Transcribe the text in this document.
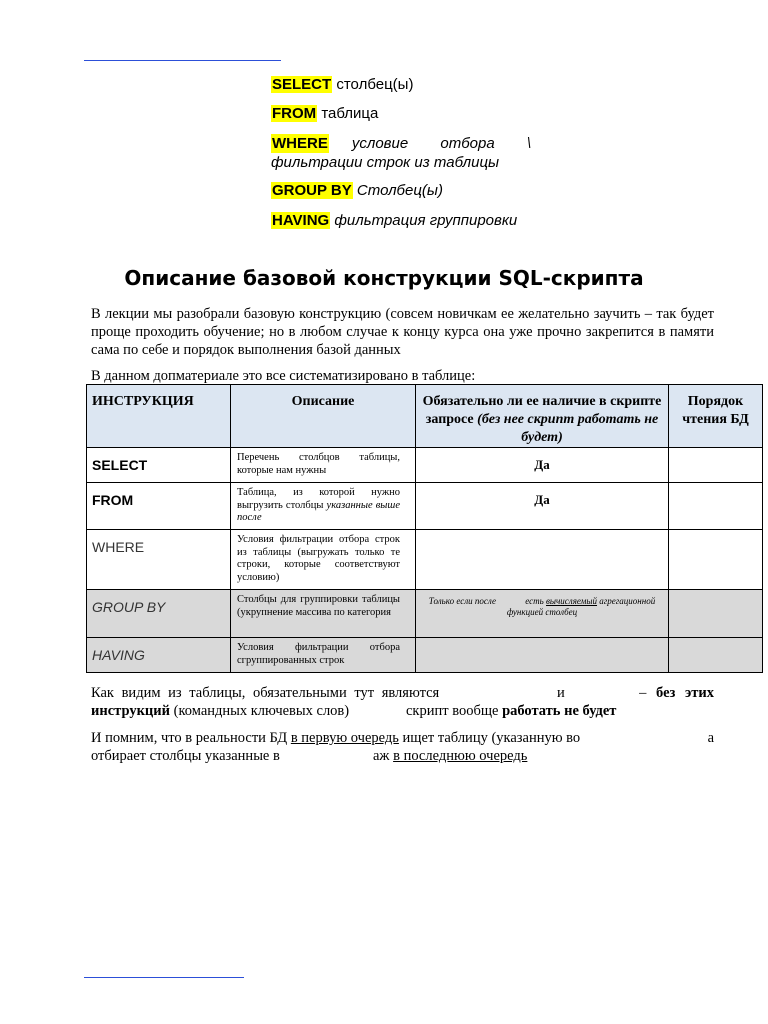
SELECT столбец(ы)
FROM таблица
WHERE	условие отбора \
фильтрации строк из таблицы
GROUP BY Столбец(ы)
HAVING фильтрация группировки
Описание базовой конструкции SQL-скрипта
В лекции мы разобрали базовую конструкцию (совсем новичкам ее желательно заучить – так будет проще проходить обучение; но в любом случае к концу курса она уже прочно закрепится в памяти сама по себе и порядок выполнения базой данных
В данном допматериале это все систематизировано в таблице:
ИНСТРУКЦИЯ	Описание	Обязательно ли ее наличие в скрипте запросе (без нее скрипт работать не будет)	Порядок чтения БД
SELECT	Перечень столбцов таблицы, которые нам нужны	Да	
FROM	Таблица, из которой нужно выгрузить столбцы указанные выше после	Да	
WHERE	Условия фильтрации отбора строк из таблицы (выгружать только те строки, которые соответствуют условию)		
GROUP BY	Столбцы для группировки таблицы (укрупнение массива по категория	Только если после есть вычисляемый агрегационной функцией столбец	
HAVING	Условия фильтрации отбора сгруппированных строк		
Как видим из таблицы, обязательными тут являются	и	– без этих
инструкций (командных ключевых слов)	скрипт вообще работать не будет
И помним, что в реальности БД в первую очередь ищет таблицу (указанную во	а
отбирает столбцы указанные в	аж в последнюю очередь
